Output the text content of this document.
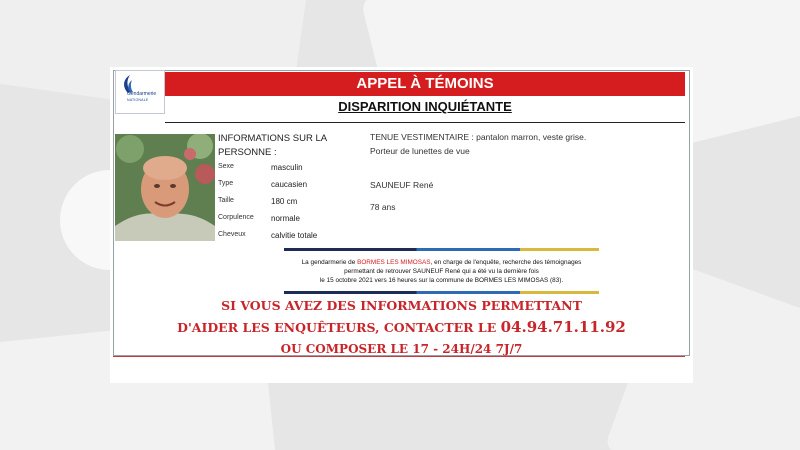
Gendarmerie
NATIONALE
APPEL À TÉMOINS
DISPARITION INQUIÉTANTE
INFORMATIONS SUR LA PERSONNE :
Sexe	masculin
Type	caucasien
Taille	180 cm
Corpulence normale
Cheveux	calvitie totale
TENUE VESTIMENTAIRE : pantalon marron, veste grise.
Porteur de lunettes de vue
SAUNEUF René
78 ans
La gendarmerie de BORMES LES MIMOSAS, en charge de l'enquête, recherche des témoignages
permettant de retrouver SAUNEUF René qui a été vu la dernière fois
le 15 octobre 2021 vers 16 heures sur la commune de BORMES LES MIMOSAS (83).
SI VOUS AVEZ DES INFORMATIONS PERMETTANT
D'AIDER LES ENQUÊTEURS, CONTACTER LE 04.94.71.11.92
OU COMPOSER LE 17 - 24H/24 7J/7
